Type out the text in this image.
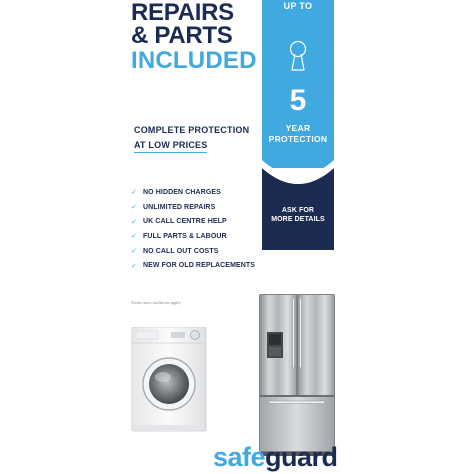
REPAIRS
& PARTS
INCLUDED
UP TO
5
YEAR
PROTECTION
ASK FOR
MORE DETAILS
COMPLETE PROTECTION
AT LOW PRICES
✓ NO HIDDEN CHARGES
✓ UNLIMITED REPAIRS
✓ UK CALL CENTRE HELP
✓ FULL PARTS & LABOUR
✓ NO CALL OUT COSTS
✓ NEW FOR OLD REPLACEMENTS
Terms and conditions apply
safeguard
